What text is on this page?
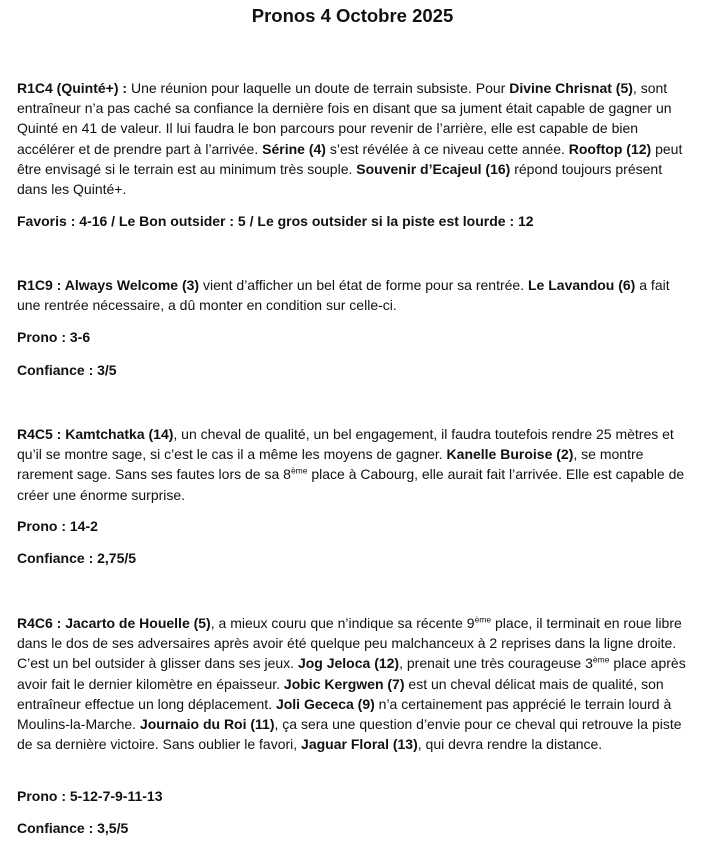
Pronos 4 Octobre 2025

R1C4 (Quinté+) : Une réunion pour laquelle un doute de terrain subsiste. Pour Divine Chrisnat (5), sont entraîneur n’a pas caché sa confiance la dernière fois en disant que sa jument était capable de gagner un Quinté en 41 de valeur. Il lui faudra le bon parcours pour revenir de l’arrière, elle est capable de bien accélérer et de prendre part à l’arrivée. Sérine (4) s’est révélée à ce niveau cette année. Rooftop (12) peut être envisagé si le terrain est au minimum très souple. Souvenir d’Ecajeul (16) répond toujours présent dans les Quinté+.

Favoris : 4-16 / Le Bon outsider : 5 / Le gros outsider si la piste est lourde : 12

R1C9 : Always Welcome (3) vient d’afficher un bel état de forme pour sa rentrée. Le Lavandou (6) a fait une rentrée nécessaire, a dû monter en condition sur celle-ci.

Prono : 3-6

Confiance : 3/5

R4C5 : Kamtchatka (14), un cheval de qualité, un bel engagement, il faudra toutefois rendre 25 mètres et qu’il se montre sage, si c’est le cas il a même les moyens de gagner. Kanelle Buroise (2), se montre rarement sage. Sans ses fautes lors de sa 8ème place à Cabourg, elle aurait fait l’arrivée. Elle est capable de créer une énorme surprise.

Prono : 14-2

Confiance : 2,75/5

R4C6 : Jacarto de Houelle (5), a mieux couru que n’indique sa récente 9ème place, il terminait en roue libre dans le dos de ses adversaires après avoir été quelque peu malchanceux à 2 reprises dans la ligne droite. C’est un bel outsider à glisser dans ses jeux. Jog Jeloca (12), prenait une très courageuse 3ème place après avoir fait le dernier kilomètre en épaisseur. Jobic Kergwen (7) est un cheval délicat mais de qualité, son entraîneur effectue un long déplacement. Joli Gececa (9) n’a certainement pas apprécié le terrain lourd à Moulins-la-Marche. Journaio du Roi (11), ça sera une question d’envie pour ce cheval qui retrouve la piste de sa dernière victoire. Sans oublier le favori, Jaguar Floral (13), qui devra rendre la distance.

Prono : 5-12-7-9-11-13

Confiance : 3,5/5
